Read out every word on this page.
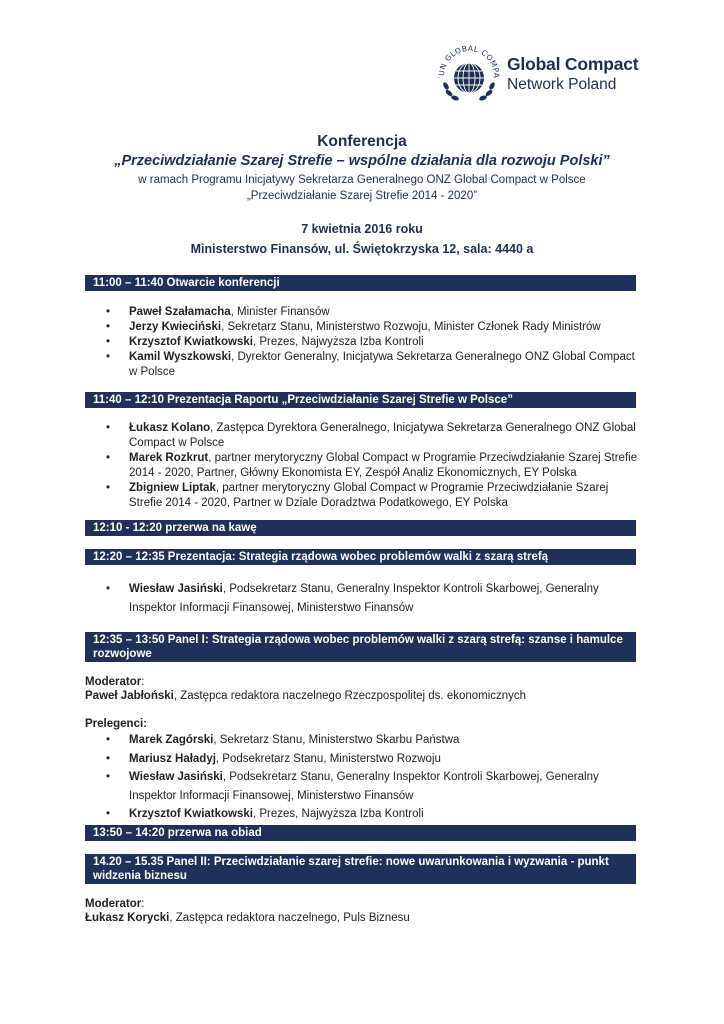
UN GLOBAL COMPA
Global Compact
Network Poland
Konferencja
„Przeciwdziałanie Szarej Strefie – wspólne działania dla rozwoju Polski”
w ramach Programu Inicjatywy Sekretarza Generalnego ONZ Global Compact w Polsce
„Przeciwdziałanie Szarej Strefie 2014 - 2020”
7 kwietnia 2016 roku
Ministerstwo Finansów, ul. Świętokrzyska 12, sala: 4440 a
11:00 – 11:40 Otwarcie konferencji
• Paweł Szałamacha, Minister Finansów
• Jerzy Kwieciński, Sekretarz Stanu, Ministerstwo Rozwoju, Minister Członek Rady Ministrów
• Krzysztof Kwiatkowski, Prezes, Najwyższa Izba Kontroli
• Kamil Wyszkowski, Dyrektor Generalny, Inicjatywa Sekretarza Generalnego ONZ Global Compact w Polsce
11:40 – 12:10 Prezentacja Raportu „Przeciwdziałanie Szarej Strefie w Polsce”
• Łukasz Kolano, Zastępca Dyrektora Generalnego, Inicjatywa Sekretarza Generalnego ONZ Global Compact w Polsce
• Marek Rozkrut, partner merytoryczny Global Compact w Programie Przeciwdziałanie Szarej Strefie 2014 - 2020, Partner, Główny Ekonomista EY, Zespół Analiz Ekonomicznych, EY Polska
• Zbigniew Liptak, partner merytoryczny Global Compact w Programie Przeciwdziałanie Szarej Strefie 2014 - 2020, Partner w Dziale Doradztwa Podatkowego, EY Polska
12:10 - 12:20 przerwa na kawę
12:20 – 12:35 Prezentacja: Strategia rządowa wobec problemów walki z szarą strefą
• Wiesław Jasiński, Podsekretarz Stanu, Generalny Inspektor Kontroli Skarbowej, Generalny Inspektor Informacji Finansowej, Ministerstwo Finansów
12:35 – 13:50 Panel I: Strategia rządowa wobec problemów walki z szarą strefą: szanse i hamulce rozwojowe
Moderator:
Paweł Jabłoński, Zastępca redaktora naczelnego Rzeczpospolitej ds. ekonomicznych
Prelegenci:
• Marek Zagórski, Sekretarz Stanu, Ministerstwo Skarbu Państwa
• Mariusz Haładyj, Podsekretarz Stanu, Ministerstwo Rozwoju
• Wiesław Jasiński, Podsekretarz Stanu, Generalny Inspektor Kontroli Skarbowej, Generalny Inspektor Informacji Finansowej, Ministerstwo Finansów
• Krzysztof Kwiatkowski, Prezes, Najwyższa Izba Kontroli
13:50 – 14:20 przerwa na obiad
14.20 – 15.35 Panel II: Przeciwdziałanie szarej strefie: nowe uwarunkowania i wyzwania - punkt widzenia biznesu
Moderator:
Łukasz Korycki, Zastępca redaktora naczelnego, Puls Biznesu
